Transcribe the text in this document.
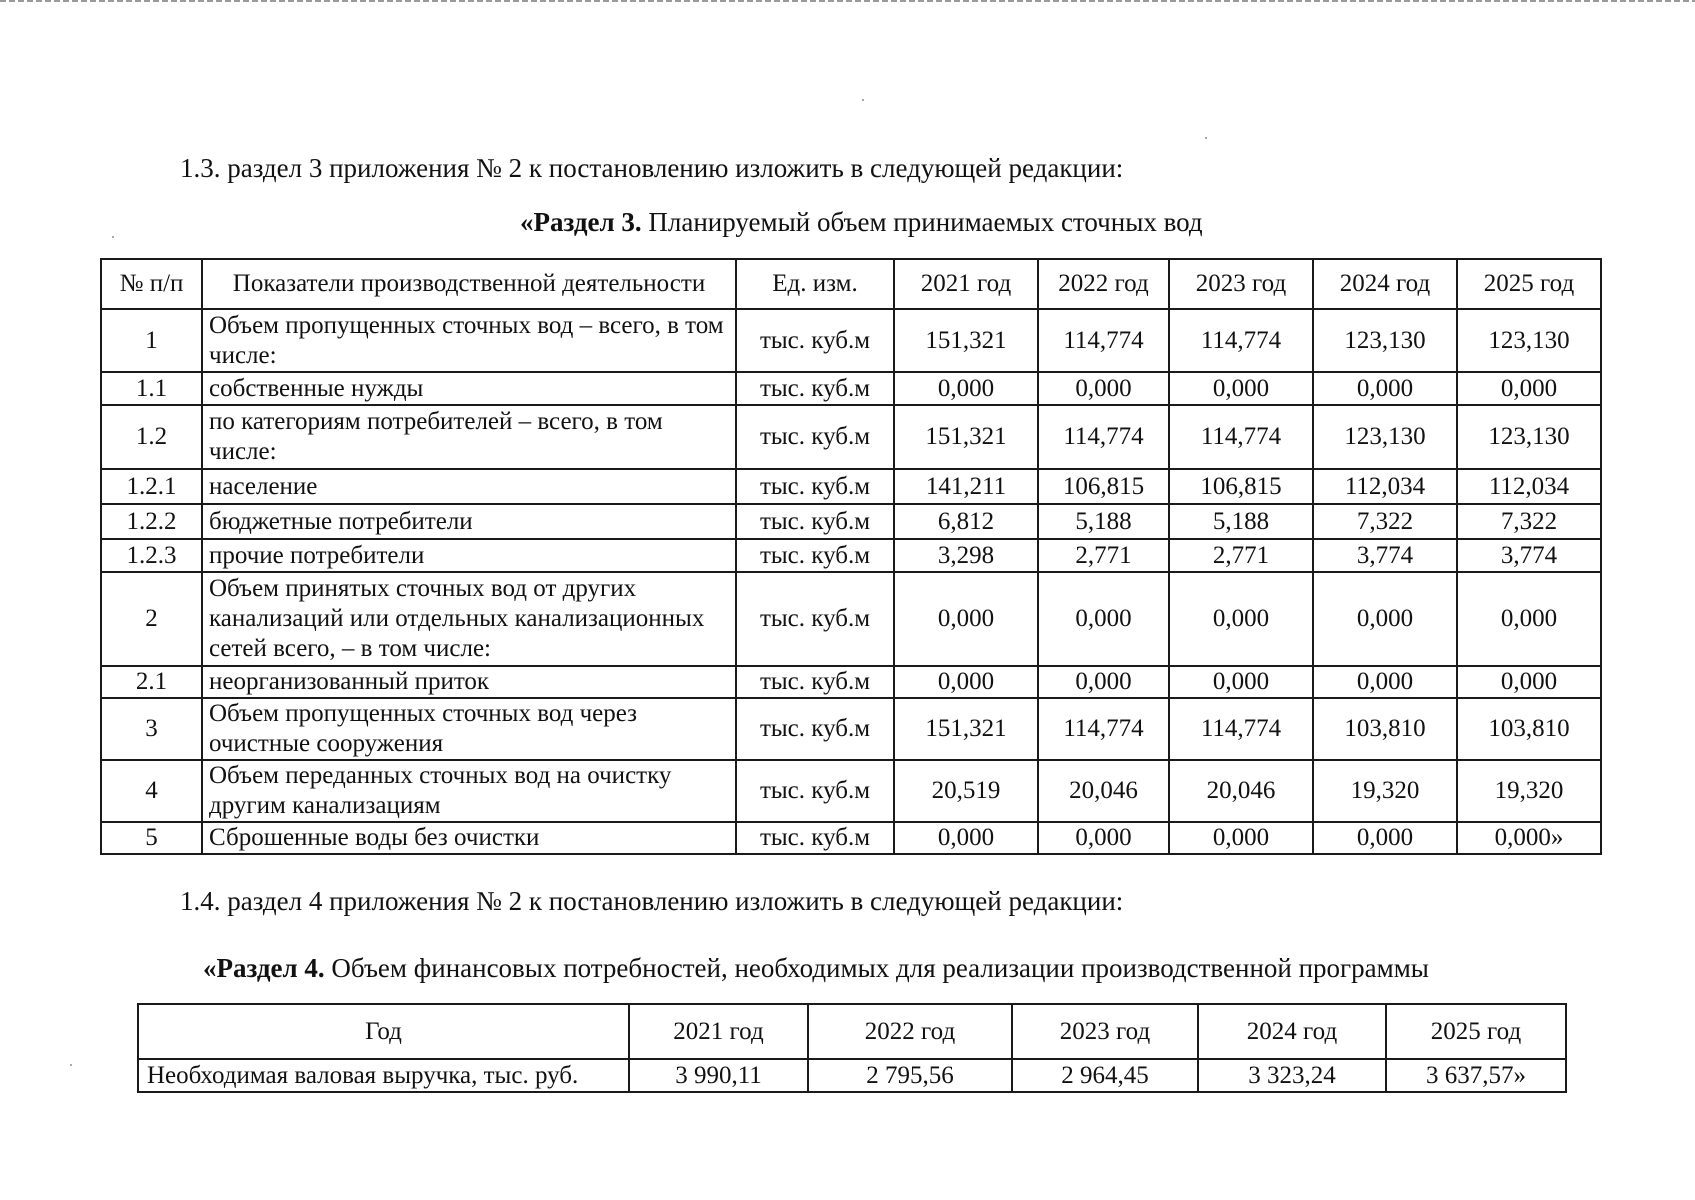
1.3. раздел 3 приложения № 2 к постановлению изложить в следующей редакции:
«Раздел 3. Планируемый объем принимаемых сточных вод
№ п/п	Показатели производственной деятельности	Ед. изм.	2021 год	2022 год	2023 год	2024 год	2025 год
1	Объем пропущенных сточных вод – всего, в том числе:	тыс. куб.м	151,321	114,774	114,774	123,130	123,130
1.1	собственные нужды	тыс. куб.м	0,000	0,000	0,000	0,000	0,000
1.2	по категориям потребителей – всего, в том числе:	тыс. куб.м	151,321	114,774	114,774	123,130	123,130
1.2.1	население	тыс. куб.м	141,211	106,815	106,815	112,034	112,034
1.2.2	бюджетные потребители	тыс. куб.м	6,812	5,188	5,188	7,322	7,322
1.2.3	прочие потребители	тыс. куб.м	3,298	2,771	2,771	3,774	3,774
2	Объем принятых сточных вод от других канализаций или отдельных канализационных сетей всего, – в том числе:	тыс. куб.м	0,000	0,000	0,000	0,000	0,000
2.1	неорганизованный приток	тыс. куб.м	0,000	0,000	0,000	0,000	0,000
3	Объем пропущенных сточных вод через очистные сооружения	тыс. куб.м	151,321	114,774	114,774	103,810	103,810
4	Объем переданных сточных вод на очистку другим канализациям	тыс. куб.м	20,519	20,046	20,046	19,320	19,320
5	Сброшенные воды без очистки	тыс. куб.м	0,000	0,000	0,000	0,000	0,000»
1.4. раздел 4 приложения № 2 к постановлению изложить в следующей редакции:
«Раздел 4. Объем финансовых потребностей, необходимых для реализации производственной программы
Год	2021 год	2022 год	2023 год	2024 год	2025 год
Необходимая валовая выручка, тыс. руб.	3 990,11	2 795,56	2 964,45	3 323,24	3 637,57»
